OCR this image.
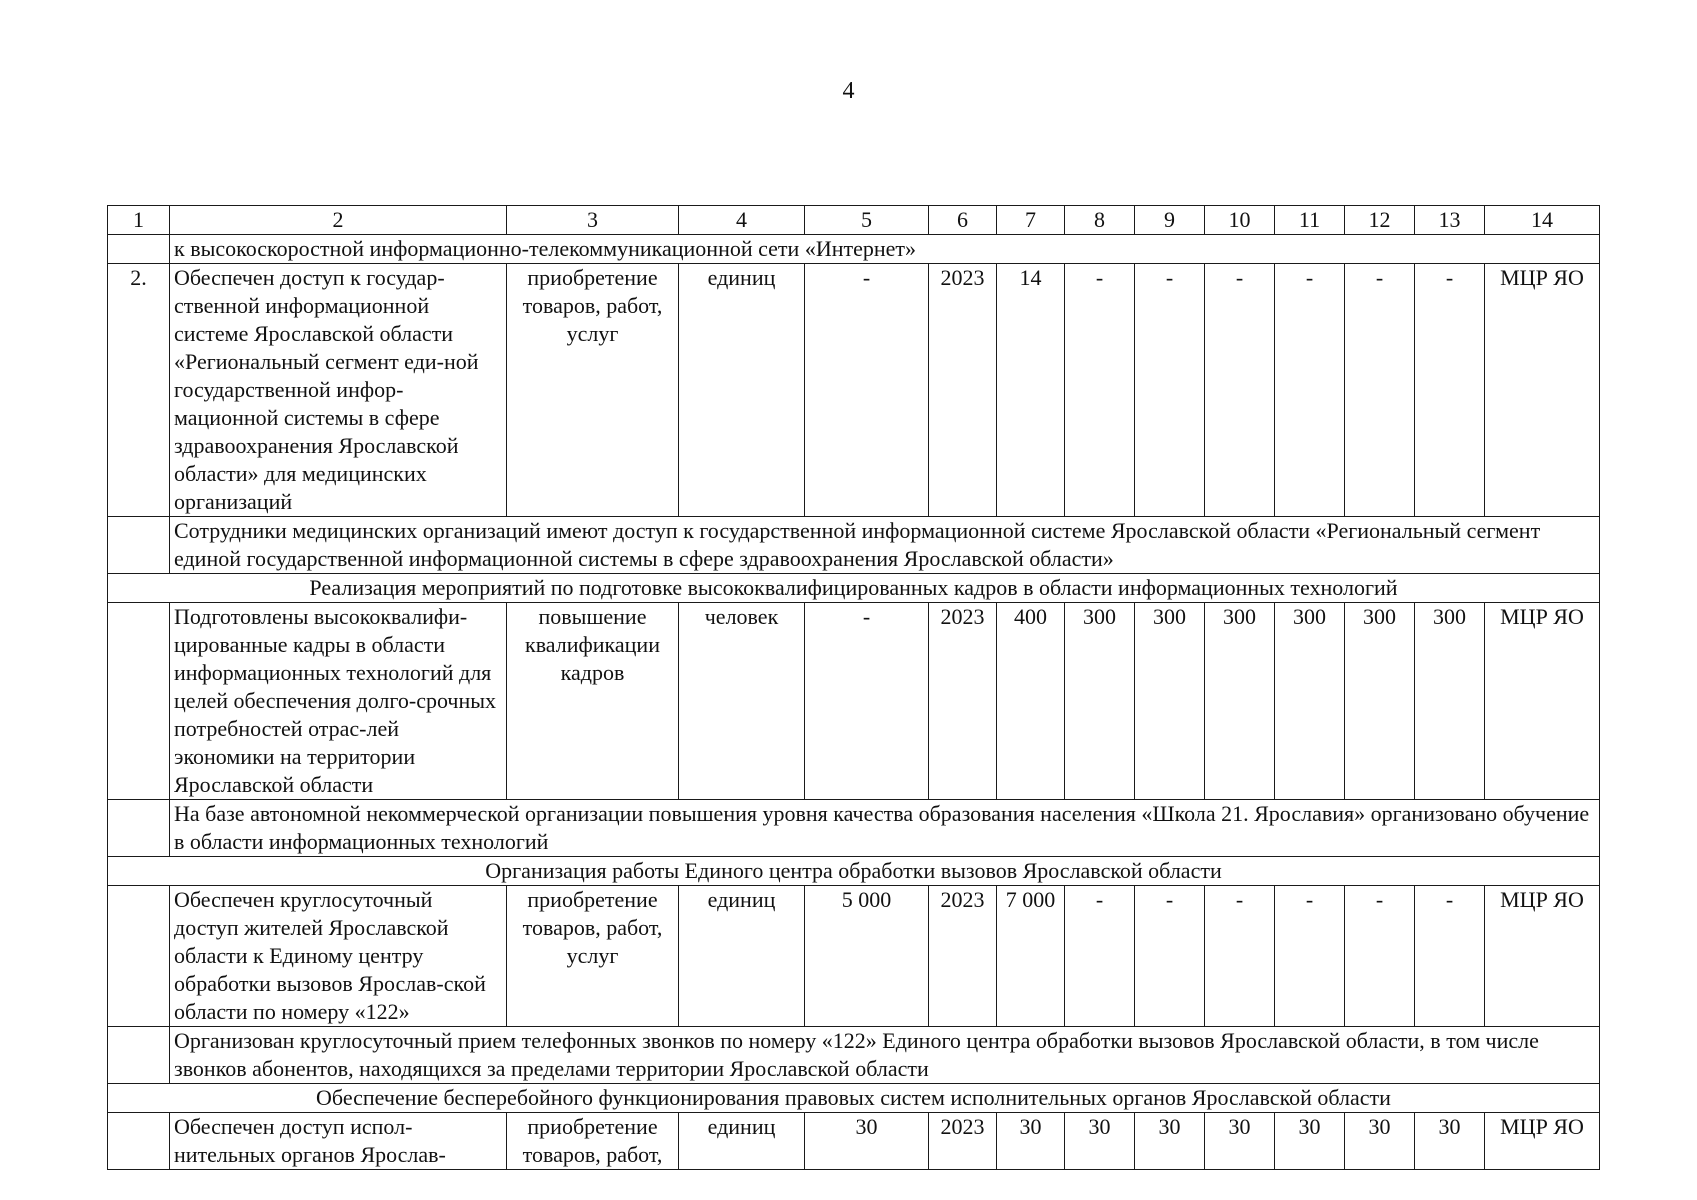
4
1	2	3	4	5	6	7	8	9	10	11	12	13	14
	к высокоскоростной информационно-телекоммуникационной сети «Интернет»												
2.	Обеспечен доступ к государ-ственной информационной системе Ярославской области «Региональный сегмент еди-ной государственной инфор-мационной системы в сфере здравоохранения Ярославской области» для медицинских организаций	приобретение товаров, работ, услуг	единиц	-	2023	14	-	-	-	-	-	-	МЦР ЯО
	Сотрудники медицинских организаций имеют доступ к государственной информационной системе Ярославской области «Региональный сегмент единой государственной информационной системы в сфере здравоохранения Ярославской области»												
Реализация мероприятий по подготовке высококвалифицированных кадров в области информационных технологий													
	Подготовлены высококвалифи-цированные кадры в области информационных технологий для целей обеспечения долго-срочных потребностей отрас-лей экономики на территории Ярославской области	повышение квалификации кадров	человек	-	2023	400	300	300	300	300	300	300	МЦР ЯО
	На базе автономной некоммерческой организации повышения уровня качества образования населения «Школа 21. Ярославия» организовано обучение в области информационных технологий												
Организация работы Единого центра обработки вызовов Ярославской области													
	Обеспечен круглосуточный доступ жителей Ярославской области к Единому центру обработки вызовов Ярослав-ской области по номеру «122»	приобретение товаров, работ, услуг	единиц	5 000	2023	7 000	-	-	-	-	-	-	МЦР ЯО
	Организован круглосуточный прием телефонных звонков по номеру «122» Единого центра обработки вызовов Ярославской области, в том числе звонков абонентов, находящихся за пределами территории Ярославской области												
Обеспечение бесперебойного функционирования правовых систем исполнительных органов Ярославской области													
	Обеспечен доступ испол-нительных органов Ярослав-	приобретение товаров, работ,	единиц	30	2023	30	30	30	30	30	30	30	МЦР ЯО
